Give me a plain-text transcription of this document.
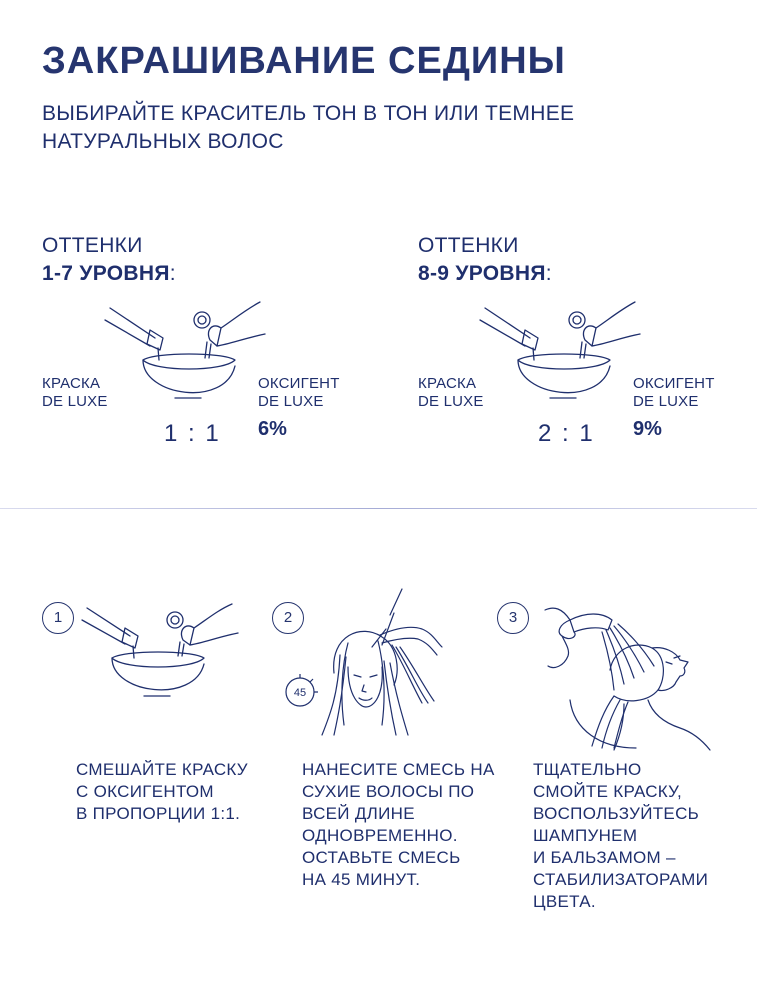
ЗАКРАШИВАНИЕ СЕДИНЫ
ВЫБИРАЙТЕ КРАСИТЕЛЬ ТОН В ТОН ИЛИ ТЕМНЕЕ НАТУРАЛЬНЫХ ВОЛОС
ОТТЕНКИ
1-7 УРОВНЯ:
КРАСКА
DE LUXE
ОКСИГЕНТ
DE LUXE
1 : 1 6%
ОТТЕНКИ
8-9 УРОВНЯ:
КРАСКА
DE LUXE
ОКСИГЕНТ
DE LUXE
2 : 1 9%
1
СМЕШАЙТЕ КРАСКУ
С ОКСИГЕНТОМ
В ПРОПОРЦИИ 1:1.
2
45
НАНЕСИТЕ СМЕСЬ НА
СУХИЕ ВОЛОСЫ ПО
ВСЕЙ ДЛИНЕ
ОДНОВРЕМЕННО.
ОСТАВЬТЕ СМЕСЬ
НА 45 МИНУТ.
3
ТЩАТЕЛЬНО
СМОЙТЕ КРАСКУ,
ВОСПОЛЬЗУЙТЕСЬ
ШАМПУНЕМ
И БАЛЬЗАМОМ –
СТАБИЛИЗАТОРАМИ
ЦВЕТА.
